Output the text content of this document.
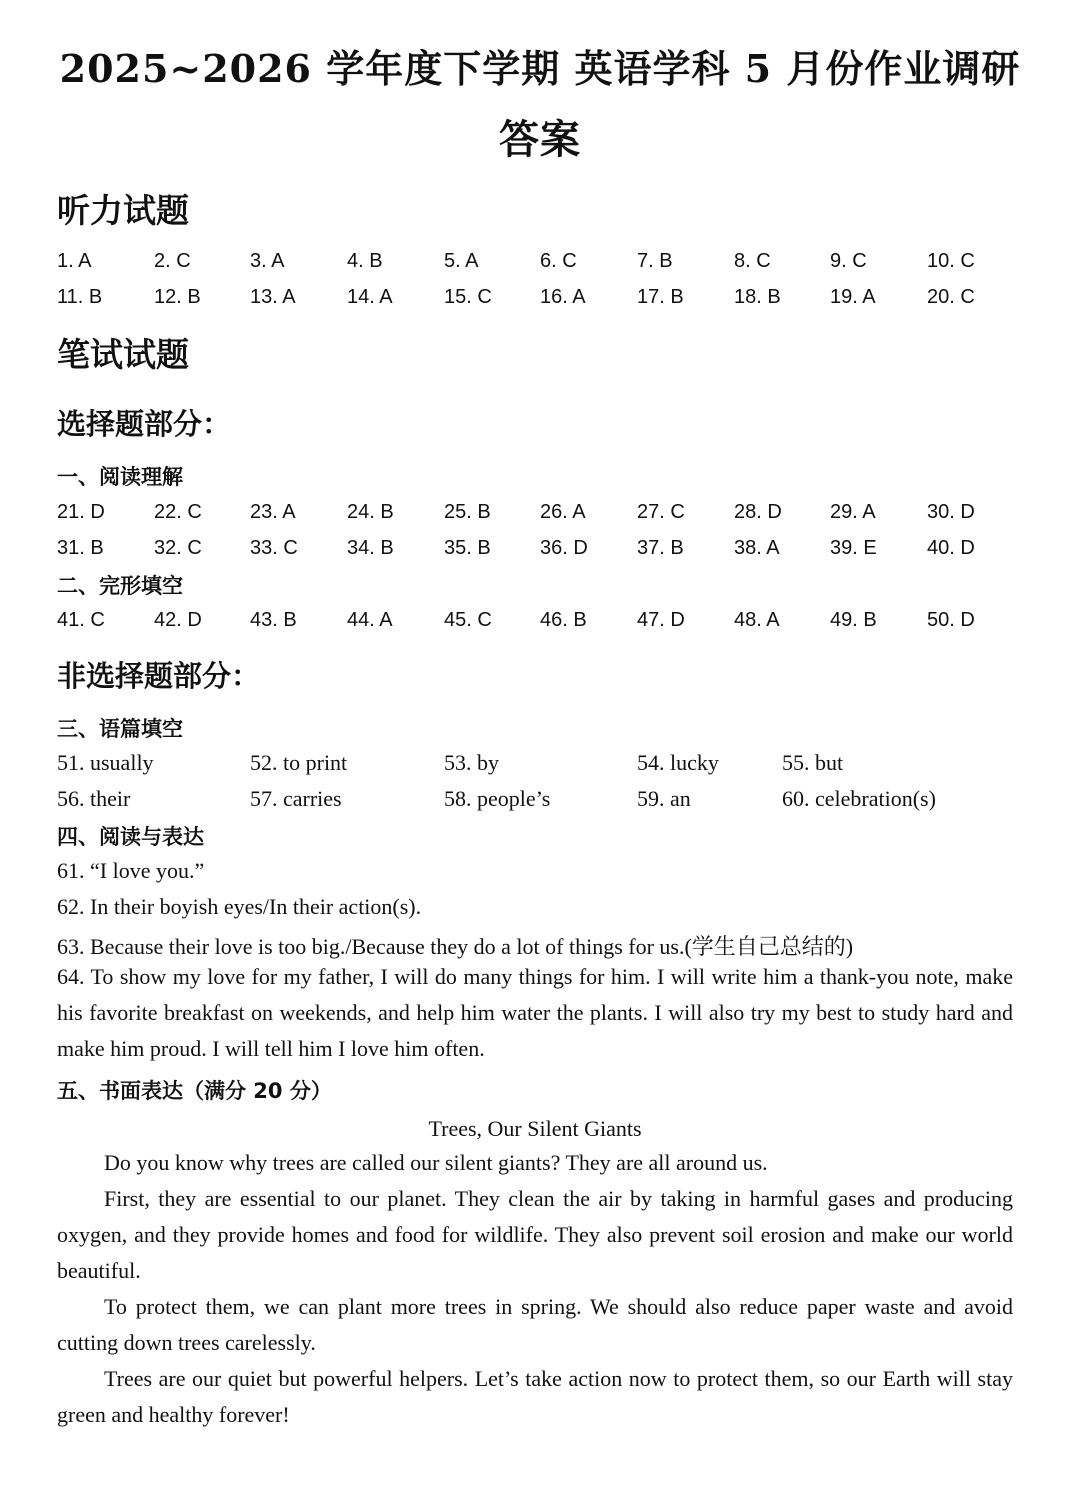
2025~2026 学年度下学期 英语学科 5 月份作业调研
答案
听力试题
1. A	2. C	3. A	4. B	5. A	6. C	7. B	8. C	9. C	10. C
11. B	12. B 13. A	14. A	15. C 16. A	17. B	18. B 19. A	20. C
笔试试题
选择题部分：
一、阅读理解
21. D 22. C 23. A	24. B	25. B 26. A	27. C 28. D 29. A	30. D
31. B	32. C 33. C 34. B	35. B 36. D 37. B	38. A	39. E	40. D
二、完形填空
41. C 42. D 43. B	44. A	45. C 46. B	47. D 48. A	49. B	50. D
非选择题部分：
三、语篇填空
51. usually	52. to print	53. by	54. lucky	55. but
56. their	57. carries	58. people’s	59. an	60. celebration(s)
四、阅读与表达
61. “I love you.”
62. In their boyish eyes/In their action(s).
63. Because their love is too big./Because they do a lot of things for us.(学生自己总结的)
64. To show my love for my father, I will do many things for him. I will write him a thank-you note, make his favorite breakfast on weekends, and help him water the plants. I will also try my best to study hard and make him proud. I will tell him I love him often.
五、书面表达（满分 20 分）
Trees, Our Silent Giants
Do you know why trees are called our silent giants? They are all around us.
First, they are essential to our planet. They clean the air by taking in harmful gases and producing oxygen, and they provide homes and food for wildlife. They also prevent soil erosion and make our world beautiful.
To protect them, we can plant more trees in spring. We should also reduce paper waste and avoid cutting down trees carelessly.
Trees are our quiet but powerful helpers. Let’s take action now to protect them, so our Earth will stay green and healthy forever!
